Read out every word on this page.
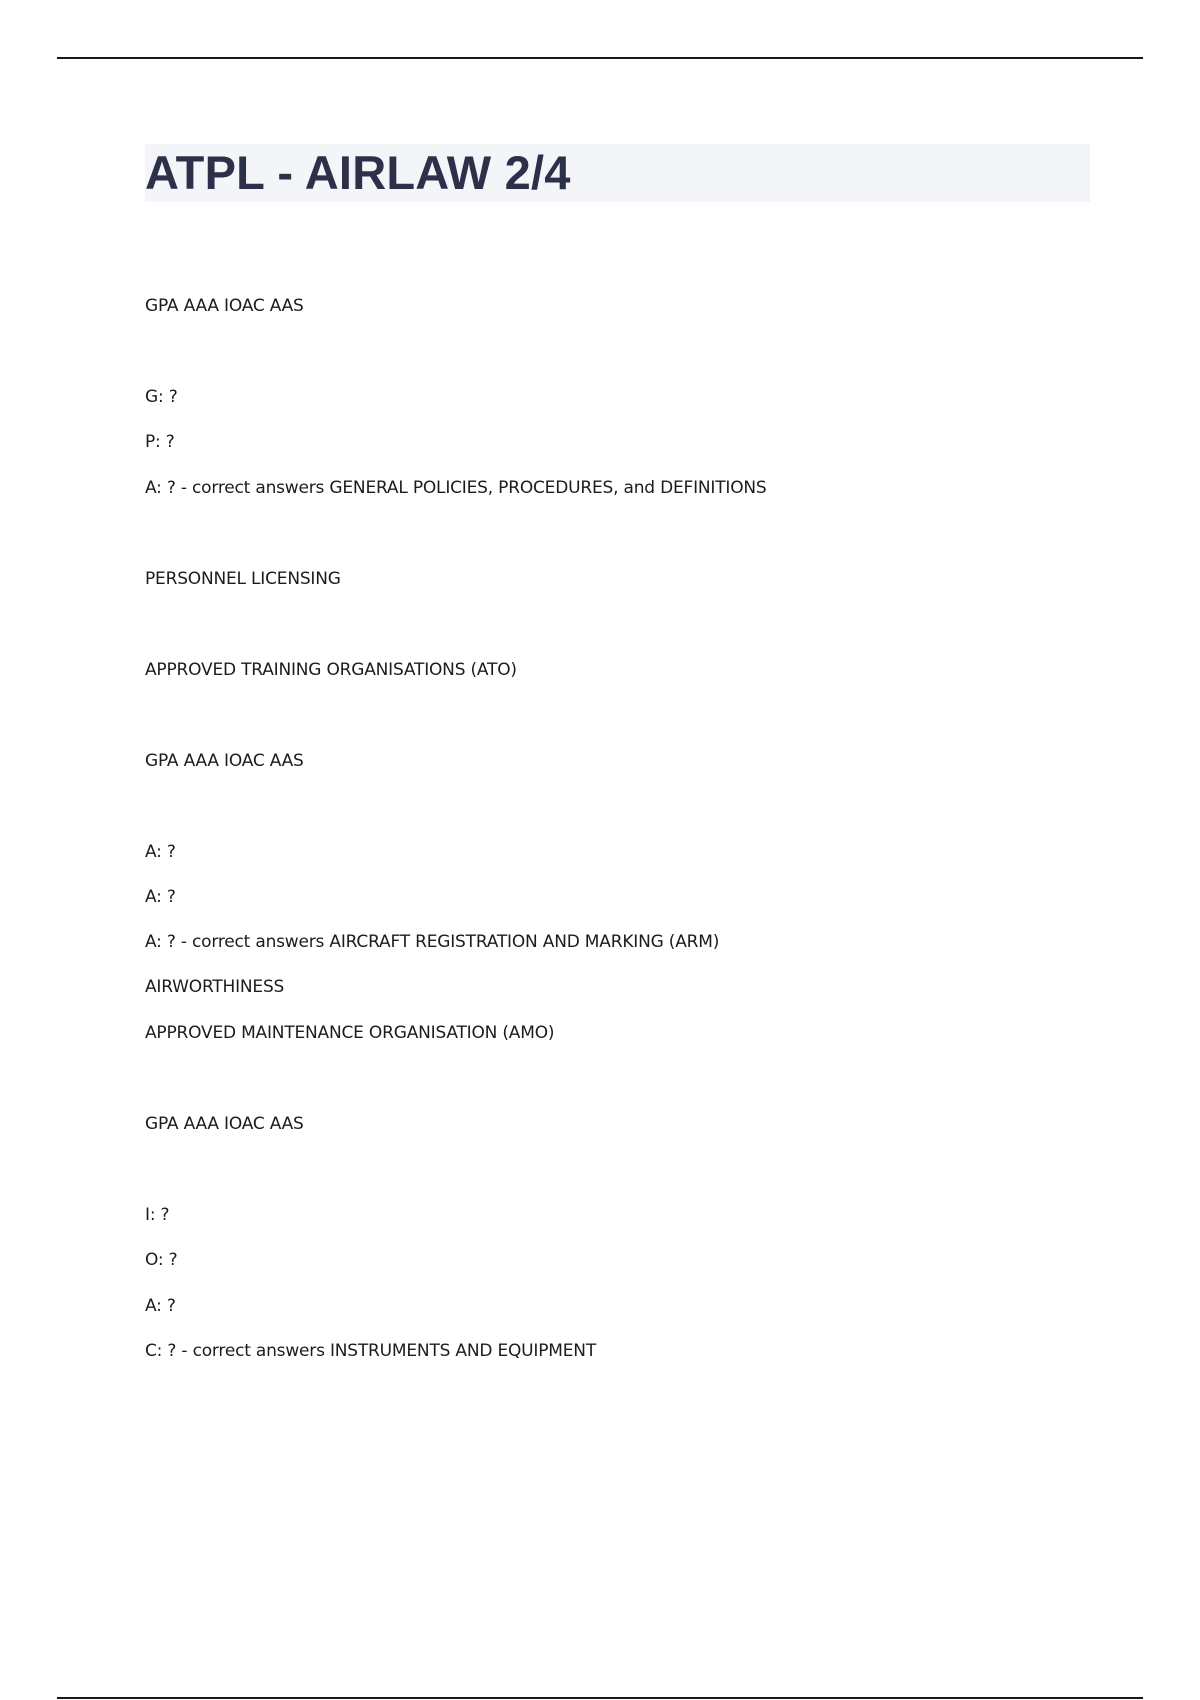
ATPL - AIRLAW 2/4

GPA AAA IOAC AAS

G: ?

P: ?

A: ? - correct answers GENERAL POLICIES, PROCEDURES, and DEFINITIONS

PERSONNEL LICENSING

APPROVED TRAINING ORGANISATIONS (ATO)

GPA AAA IOAC AAS

A: ?

A: ?

A: ? - correct answers AIRCRAFT REGISTRATION AND MARKING (ARM)

AIRWORTHINESS

APPROVED MAINTENANCE ORGANISATION (AMO)

GPA AAA IOAC AAS

I: ?

O: ?

A: ?

C: ? - correct answers INSTRUMENTS AND EQUIPMENT
